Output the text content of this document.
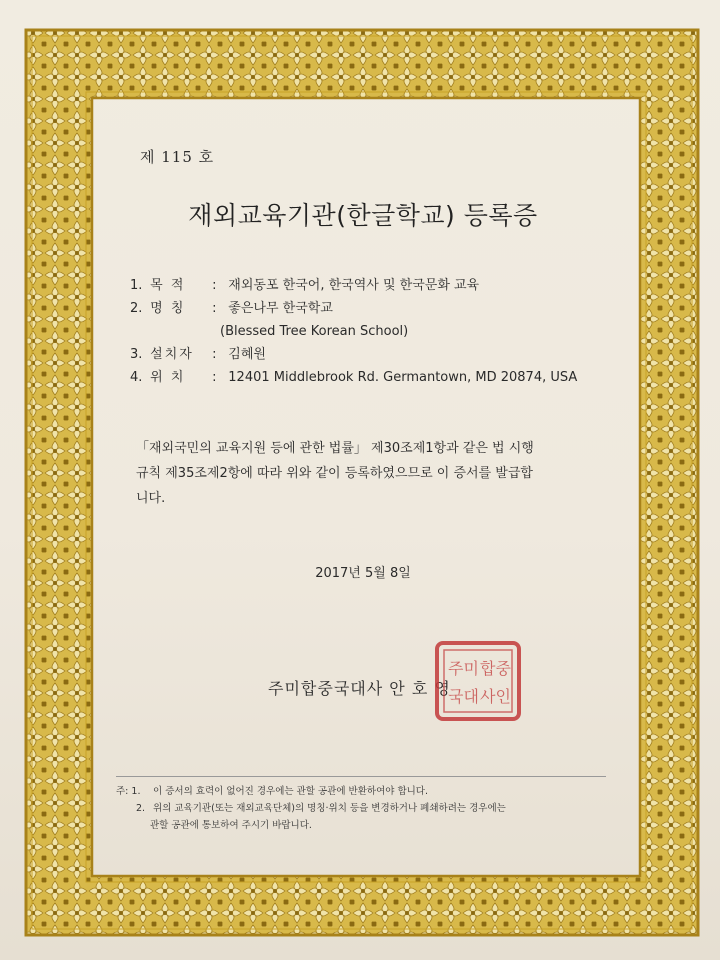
제 115 호
재외교육기관(한글학교) 등록증
1. 목 적 : 재외동포 한국어, 한국역사 및 한국문화 교육
2. 명 칭 : 좋은나무 한국학교
(Blessed Tree Korean School)
3. 설치자 : 김혜원
4. 위 치 : 12401 Middlebrook Rd. Germantown, MD 20874, USA
「재외국민의 교육지원 등에 관한 법률」 제30조제1항과 같은 법 시행
규칙 제35조제2항에 따라 위와 같이 등록하였으므로 이 증서를 발급합
니다.
2017년 5월 8일
주미합중국대사 안 호 영
주미 합중
국대 사인
주: 1. 이 증서의 효력이 없어진 경우에는 관할 공관에 반환하여야 합니다.
2. 위의 교육기관(또는 재외교육단체)의 명칭·위치 등을 변경하거나 폐쇄하려는 경우에는
관할 공관에 통보하여 주시기 바랍니다.
